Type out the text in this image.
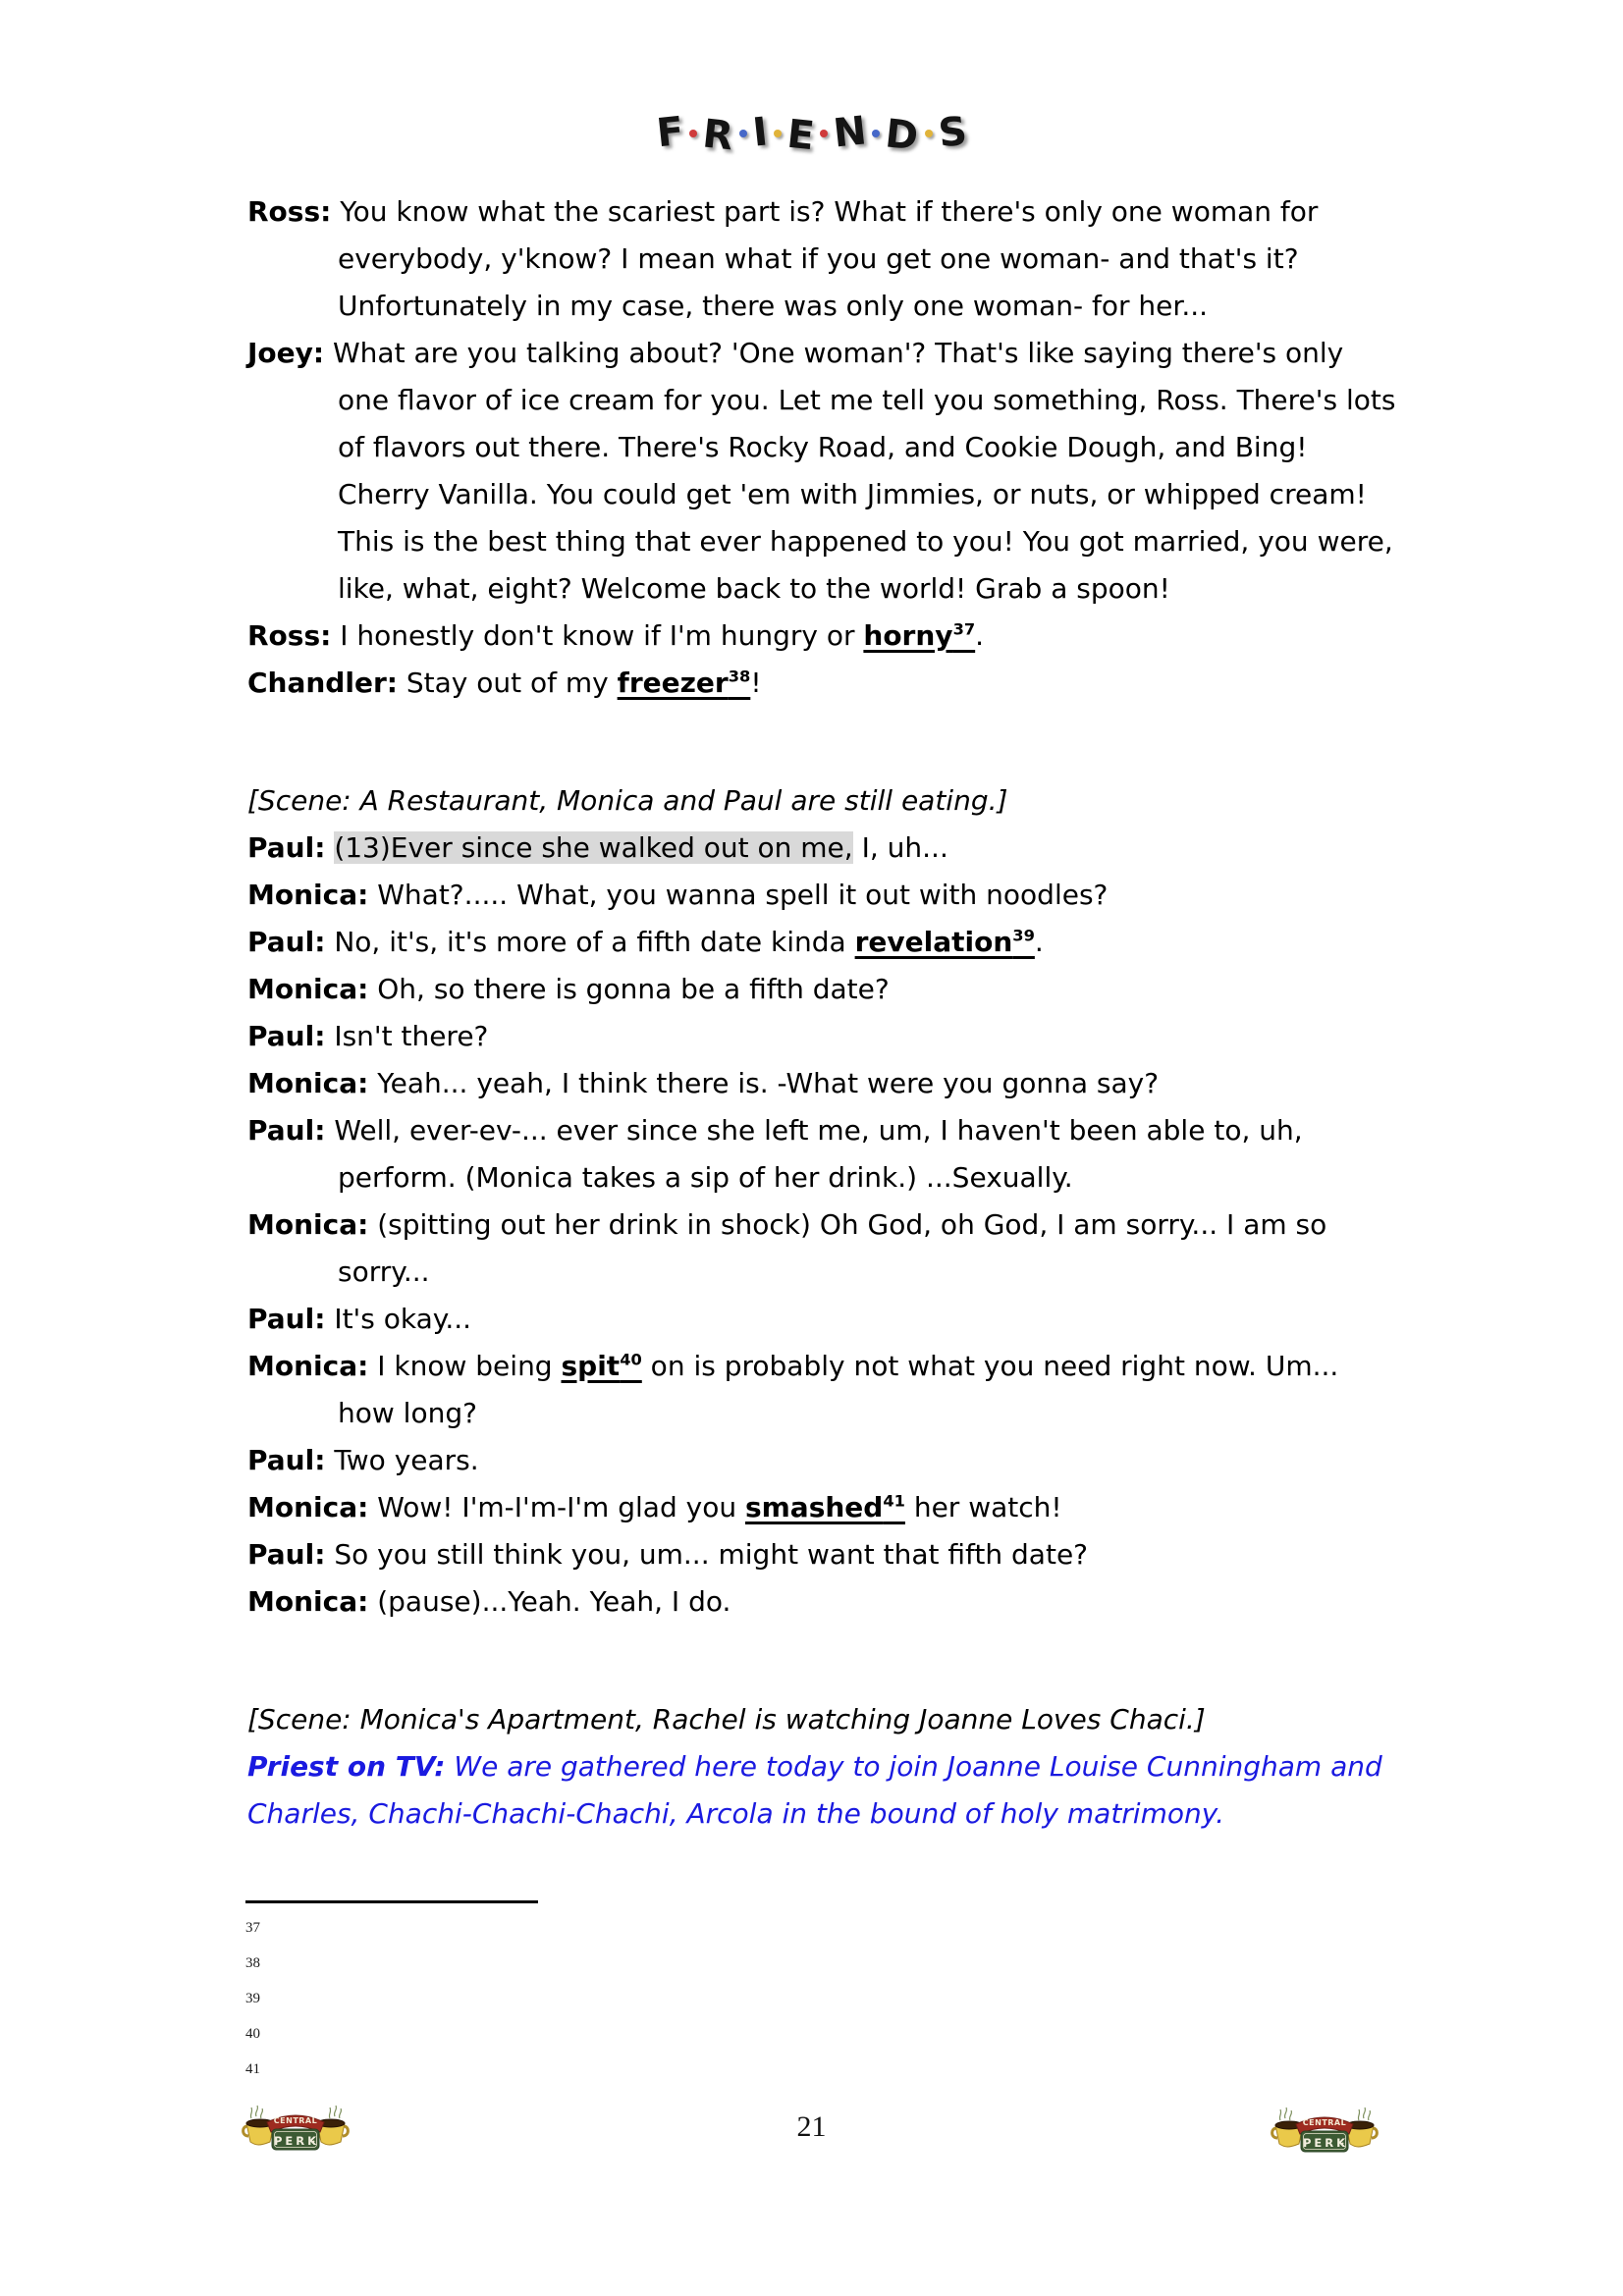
F R I E N D S
Ross: You know what the scariest part is? What if there's only one woman for everybody, y'know? I mean what if you get one woman- and that's it? Unfortunately in my case, there was only one woman- for her...
Joey: What are you talking about? 'One woman'? That's like saying there's only one flavor of ice cream for you. Let me tell you something, Ross. There's lots of flavors out there. There's Rocky Road, and Cookie Dough, and Bing! Cherry Vanilla. You could get 'em with Jimmies, or nuts, or whipped cream! This is the best thing that ever happened to you! You got married, you were, like, what, eight? Welcome back to the world! Grab a spoon!
Ross: I honestly don't know if I'm hungry or horny$^{37}$.
Chandler: Stay out of my freezer$^{38}$!
[Scene: A Restaurant, Monica and Paul are still eating.]
Paul: (13)Ever since she walked out on me, I, uh...
Monica: What?..... What, you wanna spell it out with noodles?
Paul: No, it's, it's more of a fifth date kinda revelation$^{39}$.
Monica: Oh, so there is gonna be a fifth date?
Paul: Isn't there?
Monica: Yeah... yeah, I think there is. -What were you gonna say?
Paul: Well, ever-ev-... ever since she left me, um, I haven't been able to, uh, perform. (Monica takes a sip of her drink.) ...Sexually.
Monica: (spitting out her drink in shock) Oh God, oh God, I am sorry... I am so sorry...
Paul: It's okay...
Monica: I know being spit$^{40}$ on is probably not what you need right now. Um... how long?
Paul: Two years.
Monica: Wow! I'm-I'm-I'm glad you smashed$^{41}$ her watch!
Paul: So you still think you, um... might want that fifth date?
Monica: (pause)...Yeah. Yeah, I do.
[Scene: Monica's Apartment, Rachel is watching Joanne Loves Chaci.]
Priest on TV: We are gathered here today to join Joanne Louise Cunningham and Charles, Chachi-Chachi-Chachi, Arcola in the bound of holy matrimony.
37
38
39
40
41
CENTRAL
PERK	21	CENTRAL
PERK
